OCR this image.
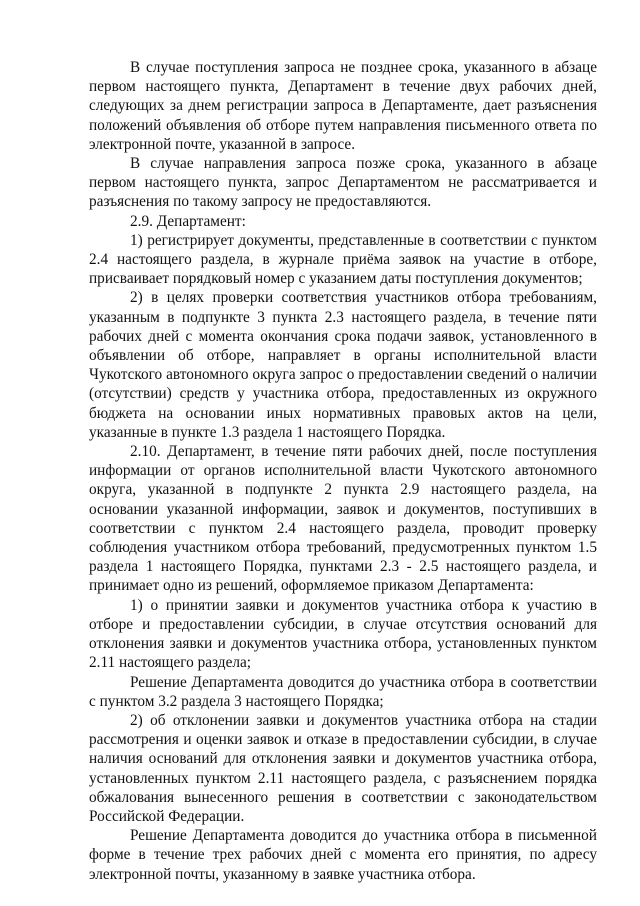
В случае поступления запроса не позднее срока, указанного в абзаце первом настоящего пункта, Департамент в течение двух рабочих дней, следующих за днем регистрации запроса в Департаменте, дает разъяснения положений объявления об отборе путем направления письменного ответа по электронной почте, указанной в запросе.

В случае направления запроса позже срока, указанного в абзаце первом настоящего пункта, запрос Департаментом не рассматривается и разъяснения по такому запросу не предоставляются.

2.9. Департамент:

1) регистрирует документы, представленные в соответствии с пунктом 2.4 настоящего раздела, в журнале приёма заявок на участие в отборе, присваивает порядковый номер с указанием даты поступления документов;

2) в целях проверки соответствия участников отбора требованиям, указанным в подпункте 3 пункта 2.3 настоящего раздела, в течение пяти рабочих дней с момента окончания срока подачи заявок, установленного в объявлении об отборе, направляет в органы исполнительной власти Чукотского автономного округа запрос о предоставлении сведений о наличии (отсутствии) средств у участника отбора, предоставленных из окружного бюджета на основании иных нормативных правовых актов на цели, указанные в пункте 1.3 раздела 1 настоящего Порядка.

2.10. Департамент, в течение пяти рабочих дней, после поступления информации от органов исполнительной власти Чукотского автономного округа, указанной в подпункте 2 пункта 2.9 настоящего раздела, на основании указанной информации, заявок и документов, поступивших в соответствии с пунктом 2.4 настоящего раздела, проводит проверку соблюдения участником отбора требований, предусмотренных пунктом 1.5 раздела 1 настоящего Порядка, пунктами 2.3 - 2.5 настоящего раздела, и принимает одно из решений, оформляемое приказом Департамента:

1) о принятии заявки и документов участника отбора к участию в отборе и предоставлении субсидии, в случае отсутствия оснований для отклонения заявки и документов участника отбора, установленных пунктом 2.11 настоящего раздела;

Решение Департамента доводится до участника отбора в соответствии с пунктом 3.2 раздела 3 настоящего Порядка;

2) об отклонении заявки и документов участника отбора на стадии рассмотрения и оценки заявок и отказе в предоставлении субсидии, в случае наличия оснований для отклонения заявки и документов участника отбора, установленных пунктом 2.11 настоящего раздела, с разъяснением порядка обжалования вынесенного решения в соответствии с законодательством Российской Федерации.

Решение Департамента доводится до участника отбора в письменной форме в течение трех рабочих дней с момента его принятия, по адресу электронной почты, указанному в заявке участника отбора.
